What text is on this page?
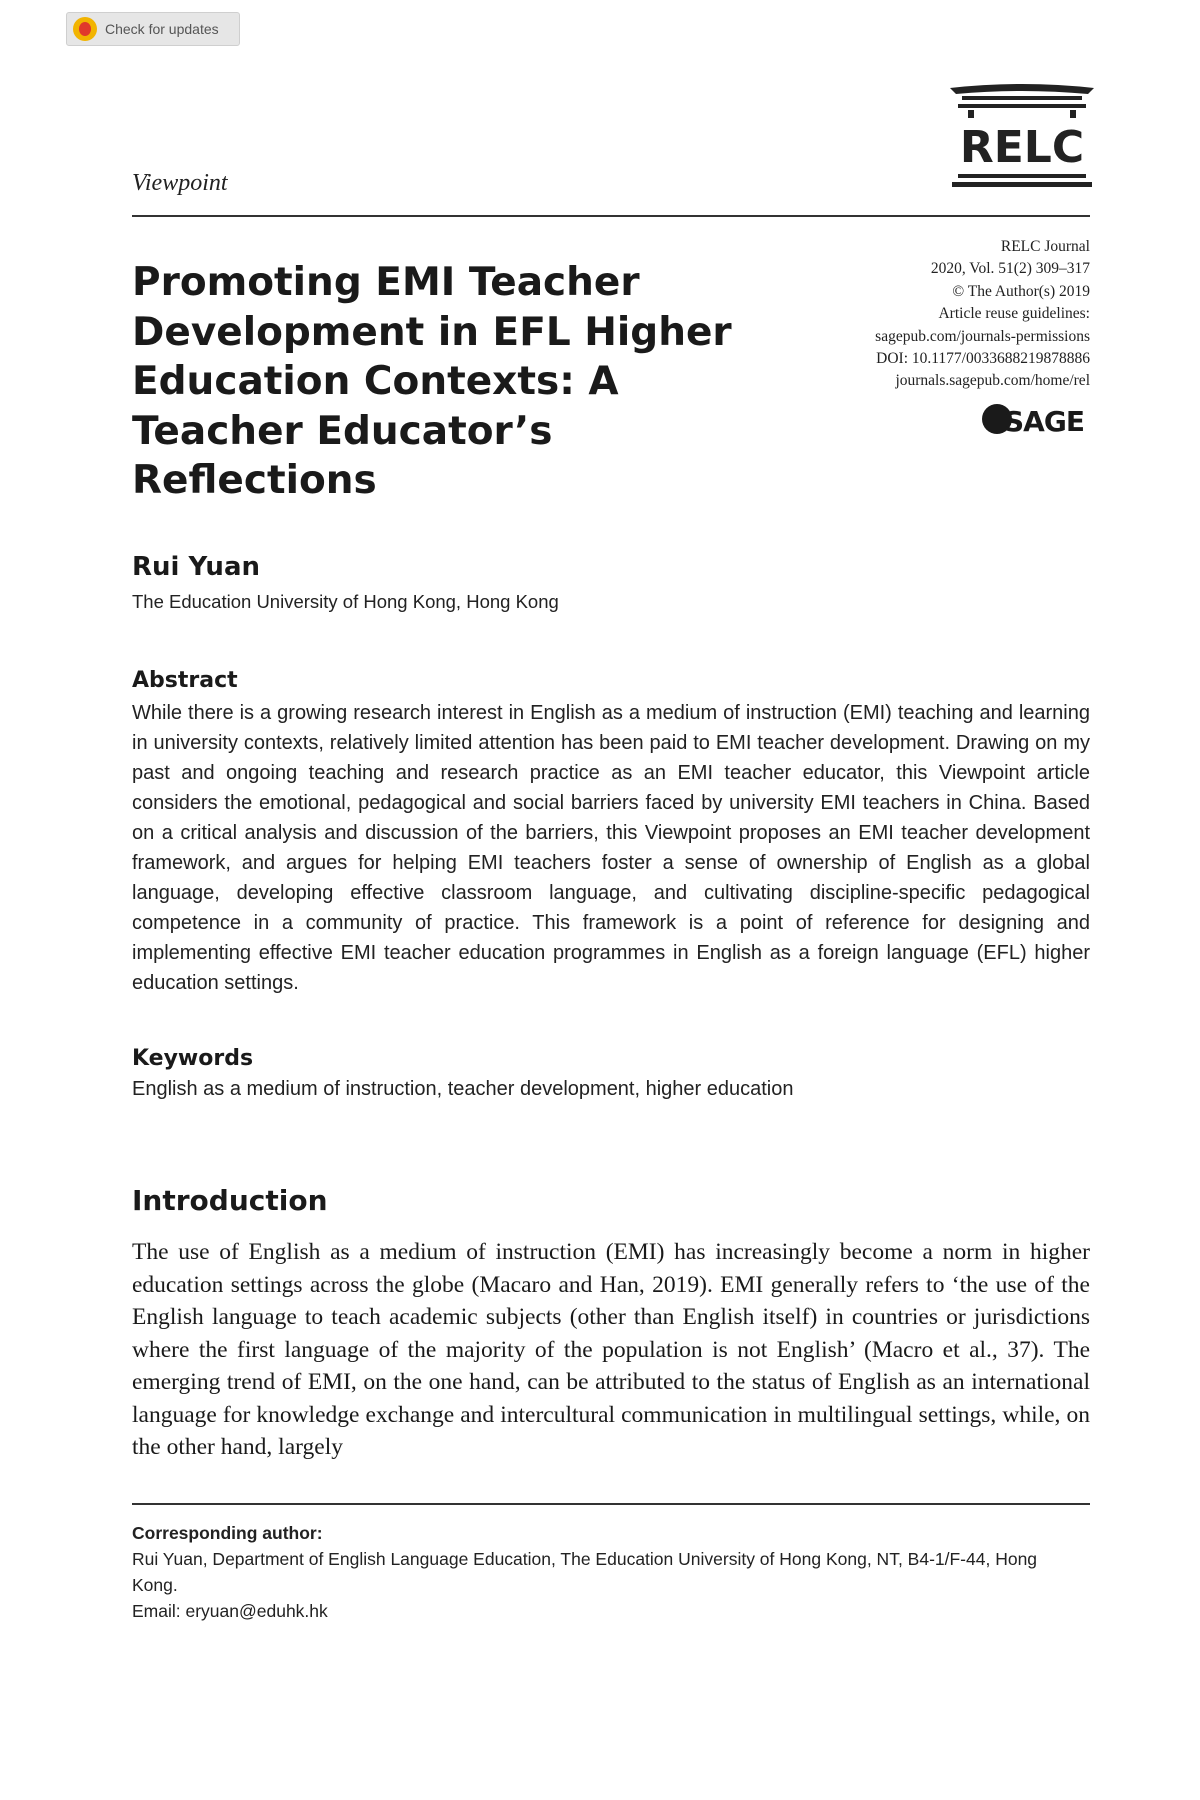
Check for updates
RELC
Viewpoint
RELC Journal
2020, Vol. 51(2) 309–317
© The Author(s) 2019
Article reuse guidelines:
sagepub.com/journals-permissions
DOI: 10.1177/0033688219878886
journals.sagepub.com/home/rel
SAGE
Promoting EMI Teacher Development in EFL Higher Education Contexts: A Teacher Educator’s Reflections
Rui Yuan
The Education University of Hong Kong, Hong Kong
Abstract

While there is a growing research interest in English as a medium of instruction (EMI) teaching and learning in university contexts, relatively limited attention has been paid to EMI teacher development. Drawing on my past and ongoing teaching and research practice as an EMI teacher educator, this Viewpoint article considers the emotional, pedagogical and social barriers faced by university EMI teachers in China. Based on a critical analysis and discussion of the barriers, this Viewpoint proposes an EMI teacher development framework, and argues for helping EMI teachers foster a sense of ownership of English as a global language, developing effective classroom language, and cultivating discipline-specific pedagogical competence in a community of practice. This framework is a point of reference for designing and implementing effective EMI teacher education programmes in English as a foreign language (EFL) higher education settings.

Keywords
English as a medium of instruction, teacher development, higher education
Introduction

The use of English as a medium of instruction (EMI) has increasingly become a norm in higher education settings across the globe (Macaro and Han, 2019). EMI generally refers to ‘the use of the English language to teach academic subjects (other than English itself) in countries or jurisdictions where the first language of the majority of the population is not English’ (Macro et al., 37). The emerging trend of EMI, on the one hand, can be attributed to the status of English as an international language for knowledge exchange and intercultural communication in multilingual settings, while, on the other hand, largely

Corresponding author:
Rui Yuan, Department of English Language Education, The Education University of Hong Kong, NT, B4-1/F-44, Hong Kong.
Email: eryuan@eduhk.hk
